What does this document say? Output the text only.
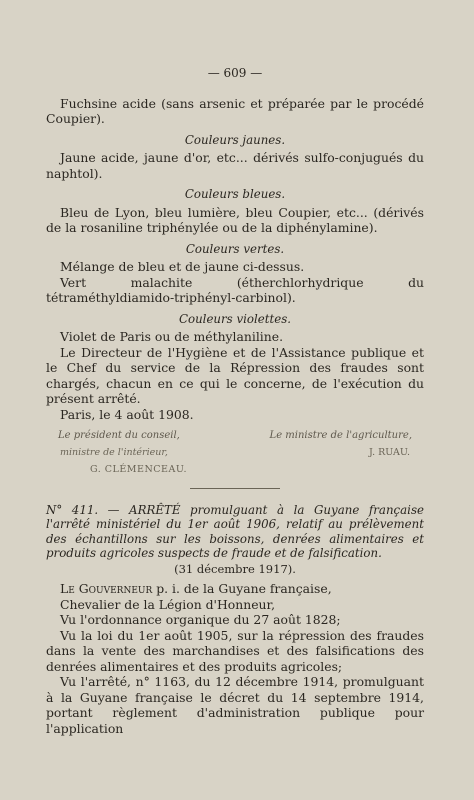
— 609 —

Fuchsine acide (sans arsenic et préparée par le procédé Coupier).

Couleurs jaunes.

Jaune acide, jaune d'or, etc... dérivés sulfo-conjugués du naphtol).

Couleurs bleues.

Bleu de Lyon, bleu lumière, bleu Coupier, etc... (dérivés de la rosaniline triphénylée ou de la diphénylamine).

Couleurs vertes.

Mélange de bleu et de jaune ci-dessus.

Vert malachite (étherchlorhydrique du tétraméthyldiamido-triphényl-carbinol).

Couleurs violettes.

Violet de Paris ou de méthylaniline.

Le Directeur de l'Hygiène et de l'Assistance publique et le Chef du service de la Répression des fraudes sont chargés, chacun en ce qui le concerne, de l'exécution du présent arrêté.

Paris, le 4 août 1908.

Le président du conseil,	Le ministre de l'agriculture,
ministre de l'intérieur,	J. RUAU.
G. CLÉMENCEAU.

N° 411. — ARRÊTÉ promulguant à la Guyane française l'arrêté ministériel du 1er août 1906, relatif au prélèvement des échantillons sur les boissons, denrées alimentaires et produits agricoles suspects de fraude et de falsification.

(31 décembre 1917).

Le Gouverneur p. i. de la Guyane française,

Chevalier de la Légion d'Honneur,

Vu l'ordonnance organique du 27 août 1828;

Vu la loi du 1er août 1905, sur la répression des fraudes dans la vente des marchandises et des falsifications des denrées alimentaires et des produits agricoles;

Vu l'arrêté, n° 1163, du 12 décembre 1914, promulguant à la Guyane française le décret du 14 septembre 1914, portant règlement d'administration publique pour l'application
